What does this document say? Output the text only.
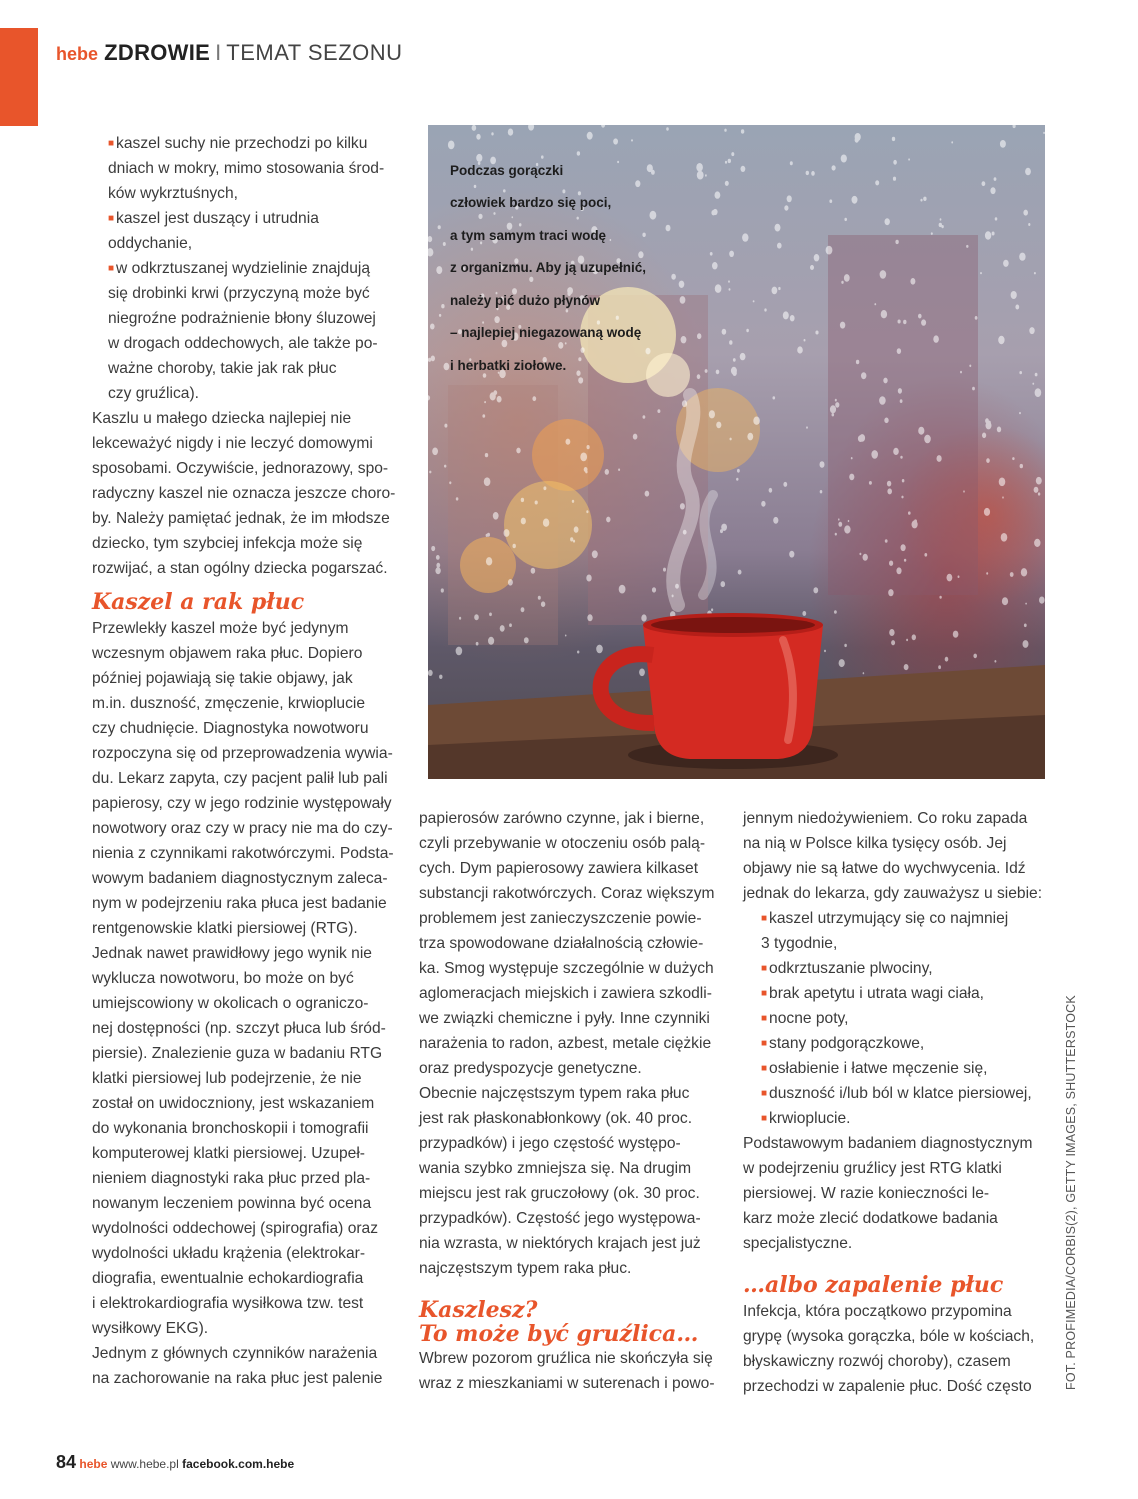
hebe ZDROWIE I TEMAT SEZONU

■ kaszel suchy nie przechodzi po kilku

dniach w mokry, mimo stosowania środ-

ków wykrztuśnych,

■ kaszel jest duszący i utrudnia

oddychanie,

■ w odkrztuszanej wydzielinie znajdują

się drobinki krwi (przyczyną może być

niegroźne podrażnienie błony śluzowej

w drogach oddechowych, ale także po-

ważne choroby, takie jak rak płuc

czy gruźlica).

Kaszlu u małego dziecka najlepiej nie

lekceważyć nigdy i nie leczyć domowymi

sposobami. Oczywiście, jednorazowy, spo-

radyczny kaszel nie oznacza jeszcze choro-

by. Należy pamiętać jednak, że im młodsze

dziecko, tym szybciej infekcja może się

rozwijać, a stan ogólny dziecka pogarszać.

Kaszel a rak płuc

Przewlekły kaszel może być jedynym

wczesnym objawem raka płuc. Dopiero

później pojawiają się takie objawy, jak

m.in. duszność, zmęczenie, krwioplucie

czy chudnięcie. Diagnostyka nowotworu

rozpoczyna się od przeprowadzenia wywia-

du. Lekarz zapyta, czy pacjent palił lub pali

papierosy, czy w jego rodzinie występowały

nowotwory oraz czy w pracy nie ma do czy-

nienia z czynnikami rakotwórczymi. Podsta-

wowym badaniem diagnostycznym zaleca-

nym w podejrzeniu raka płuca jest badanie

rentgenowskie klatki piersiowej (RTG).

Jednak nawet prawidłowy jego wynik nie

wyklucza nowotworu, bo może on być

umiejscowiony w okolicach o ograniczo-

nej dostępności (np. szczyt płuca lub śród-

piersie). Znalezienie guza w badaniu RTG

klatki piersiowej lub podejrzenie, że nie

został on uwidoczniony, jest wskazaniem

do wykonania bronchoskopii i tomografii

komputerowej klatki piersiowej. Uzupeł-

nieniem diagnostyki raka płuc przed pla-

nowanym leczeniem powinna być ocena

wydolności oddechowej (spirografia) oraz

wydolności układu krążenia (elektrokar-

diografia, ewentualnie echokardiografia

i elektrokardiografia wysiłkowa tzw. test

wysiłkowy EKG).

Jednym z głównych czynników narażenia

na zachorowanie na raka płuc jest palenie

Podczas gorączki

człowiek bardzo się poci,

a tym samym traci wodę

z organizmu. Aby ją uzupełnić,

należy pić dużo płynów

– najlepiej niegazowaną wodę

i herbatki ziołowe.

papierosów zarówno czynne, jak i bierne,

czyli przebywanie w otoczeniu osób palą-

cych. Dym papierosowy zawiera kilkaset

substancji rakotwórczych. Coraz większym

problemem jest zanieczyszczenie powie-

trza spowodowane działalnością człowie-

ka. Smog występuje szczególnie w dużych

aglomeracjach miejskich i zawiera szkodli-

we związki chemiczne i pyły. Inne czynniki

narażenia to radon, azbest, metale ciężkie

oraz predyspozycje genetyczne.

Obecnie najczęstszym typem raka płuc

jest rak płaskonabłonkowy (ok. 40 proc.

przypadków) i jego częstość występo-

wania szybko zmniejsza się. Na drugim

miejscu jest rak gruczołowy (ok. 30 proc.

przypadków). Częstość jego występowa-

nia wzrasta, w niektórych krajach jest już

najczęstszym typem raka płuc.

Kaszlesz?

To może być gruźlica…

Wbrew pozorom gruźlica nie skończyła się

wraz z mieszkaniami w suterenach i powo-

jennym niedożywieniem. Co roku zapada

na nią w Polsce kilka tysięcy osób. Jej

objawy nie są łatwe do wychwycenia. Idź

jednak do lekarza, gdy zauważysz u siebie:

■ kaszel utrzymujący się co najmniej

3 tygodnie,

■ odkrztuszanie plwociny,

■ brak apetytu i utrata wagi ciała,

■ nocne poty,

■ stany podgorączkowe,

■ osłabienie i łatwe męczenie się,

■ duszność i/lub ból w klatce piersiowej,

■ krwioplucie.

Podstawowym badaniem diagnostycznym

w podejrzeniu gruźlicy jest RTG klatki

piersiowej. W razie konieczności le-

karz może zlecić dodatkowe badania

specjalistyczne.

…albo zapalenie płuc

Infekcja, która początkowo przypomina

grypę (wysoka gorączka, bóle w kościach,

błyskawiczny rozwój choroby), czasem

przechodzi w zapalenie płuc. Dość często	FOT. PROFIMEDIA/CORBIS(2), GETTY IMAGES, SHUTTERSTOCK
84 hebe www.hebe.pl facebook.com.hebe
